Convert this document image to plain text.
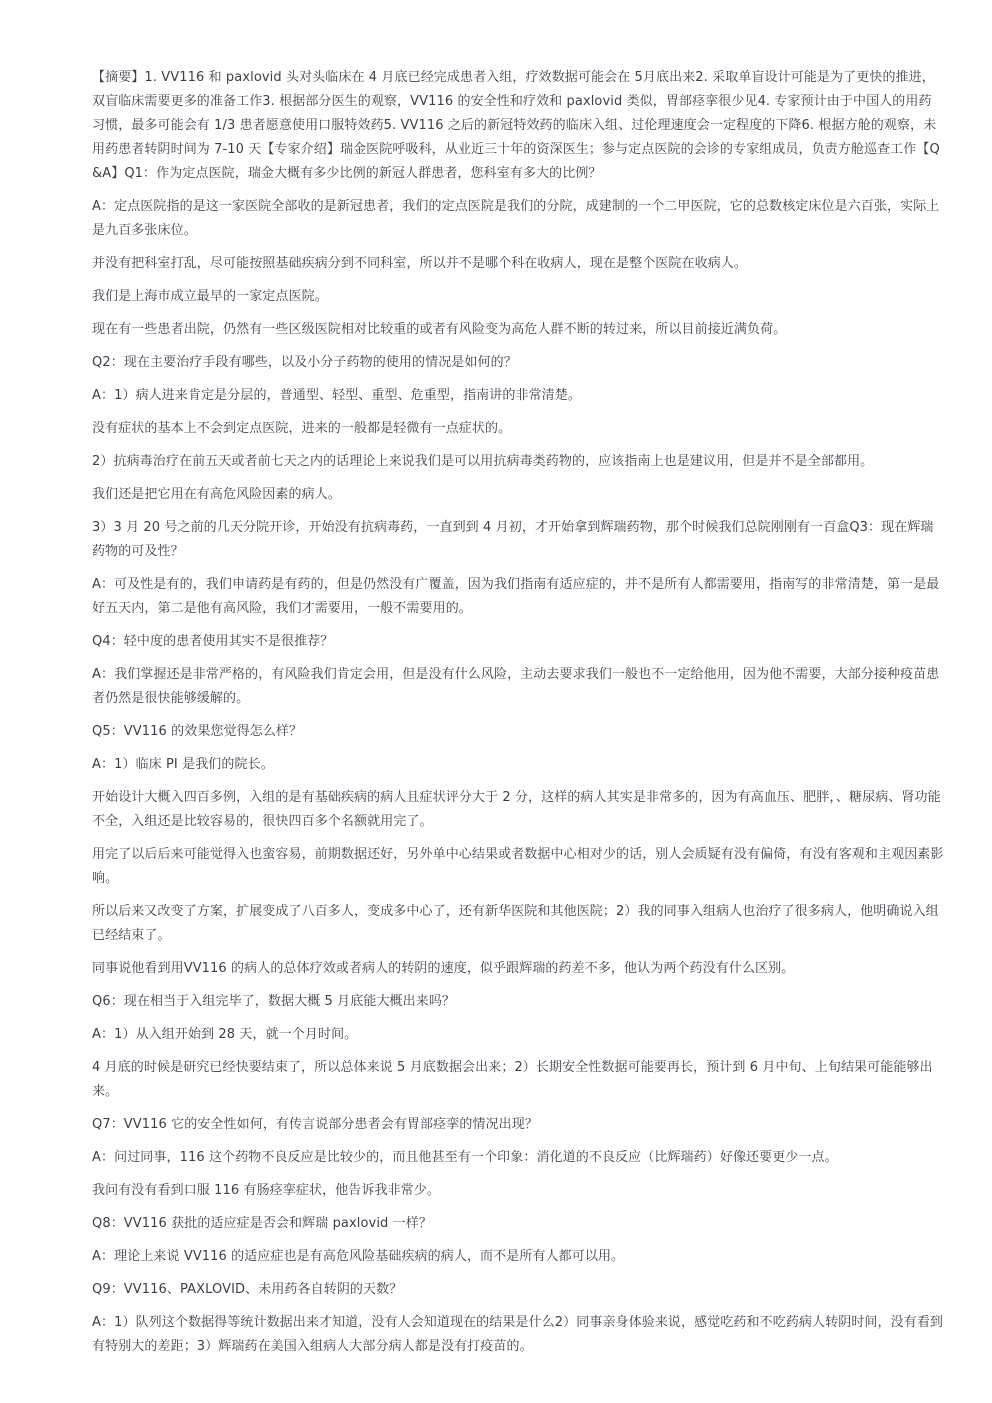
【摘要】1. VV116 和 paxlovid 头对头临床在 4 月底已经完成患者入组，疗效数据可能会在 5月底出来2. 采取单盲设计可能是为了更快的推进，双盲临床需要更多的准备工作3. 根据部分医生的观察，VV116 的安全性和疗效和 paxlovid 类似，胃部痉挛很少见4. 专家预计由于中国人的用药习惯，最多可能会有 1/3 患者愿意使用口服特效药5. VV116 之后的新冠特效药的临床入组、过伦理速度会一定程度的下降6. 根据方舱的观察，未用药患者转阴时间为 7-10 天【专家介绍】瑞金医院呼吸科，从业近三十年的资深医生；参与定点医院的会诊的专家组成员，负责方舱巡查工作【Q&A】Q1：作为定点医院，瑞金大概有多少比例的新冠人群患者，您科室有多大的比例？

A：定点医院指的是这一家医院全部收的是新冠患者，我们的定点医院是我们的分院，成建制的一个二甲医院，它的总数核定床位是六百张，实际上是九百多张床位。

并没有把科室打乱，尽可能按照基础疾病分到不同科室，所以并不是哪个科在收病人，现在是整个医院在收病人。

我们是上海市成立最早的一家定点医院。

现在有一些患者出院，仍然有一些区级医院相对比较重的或者有风险变为高危人群不断的转过来，所以目前接近满负荷。

Q2：现在主要治疗手段有哪些，以及小分子药物的使用的情况是如何的？

A：1）病人进来肯定是分层的，普通型、轻型、重型、危重型，指南讲的非常清楚。

没有症状的基本上不会到定点医院，进来的一般都是轻微有一点症状的。

2）抗病毒治疗在前五天或者前七天之内的话理论上来说我们是可以用抗病毒类药物的，应该指南上也是建议用，但是并不是全部都用。

我们还是把它用在有高危风险因素的病人。

3）3 月 20 号之前的几天分院开诊，开始没有抗病毒药，一直到到 4 月初，才开始拿到辉瑞药物，那个时候我们总院刚刚有一百盒Q3：现在辉瑞药物的可及性？

A：可及性是有的，我们申请药是有药的，但是仍然没有广覆盖，因为我们指南有适应症的，并不是所有人都需要用，指南写的非常清楚，第一是最好五天内，第二是他有高风险，我们才需要用，一般不需要用的。

Q4：轻中度的患者使用其实不是很推荐？

A：我们掌握还是非常严格的，有风险我们肯定会用，但是没有什么风险，主动去要求我们一般也不一定给他用，因为他不需要，大部分接种疫苗患者仍然是很快能够缓解的。

Q5：VV116 的效果您觉得怎么样？

A：1）临床 PI 是我们的院长。

开始设计大概入四百多例，入组的是有基础疾病的病人且症状评分大于 2 分，这样的病人其实是非常多的，因为有高血压、肥胖，、糖尿病、肾功能不全，入组还是比较容易的，很快四百多个名额就用完了。

用完了以后后来可能觉得入也蛮容易，前期数据还好，另外单中心结果或者数据中心相对少的话，别人会质疑有没有偏倚，有没有客观和主观因素影响。

所以后来又改变了方案，扩展变成了八百多人，变成多中心了，还有新华医院和其他医院；2）我的同事入组病人也治疗了很多病人，他明确说入组已经结束了。

同事说他看到用VV116 的病人的总体疗效或者病人的转阴的速度，似乎跟辉瑞的药差不多，他认为两个药没有什么区别。

Q6：现在相当于入组完毕了，数据大概 5 月底能大概出来吗？

A：1）从入组开始到 28 天，就一个月时间。

4 月底的时候是研究已经快要结束了，所以总体来说 5 月底数据会出来；2）长期安全性数据可能要再长，预计到 6 月中旬、上旬结果可能能够出来。

Q7：VV116 它的安全性如何，有传言说部分患者会有胃部痉挛的情况出现？

A：问过同事，116 这个药物不良反应是比较少的，而且他甚至有一个印象：消化道的不良反应（比辉瑞药）好像还要更少一点。

我问有没有看到口服 116 有肠痉挛症状，他告诉我非常少。

Q8：VV116 获批的适应症是否会和辉瑞 paxlovid 一样？

A：理论上来说 VV116 的适应症也是有高危风险基础疾病的病人，而不是所有人都可以用。

Q9：VV116、PAXLOVID、未用药各自转阴的天数？

A：1）队列这个数据得等统计数据出来才知道，没有人会知道现在的结果是什么2）同事亲身体验来说，感觉吃药和不吃药病人转阴时间，没有看到有特别大的差距；3）辉瑞药在美国入组病人大部分病人都是没有打疫苗的。
